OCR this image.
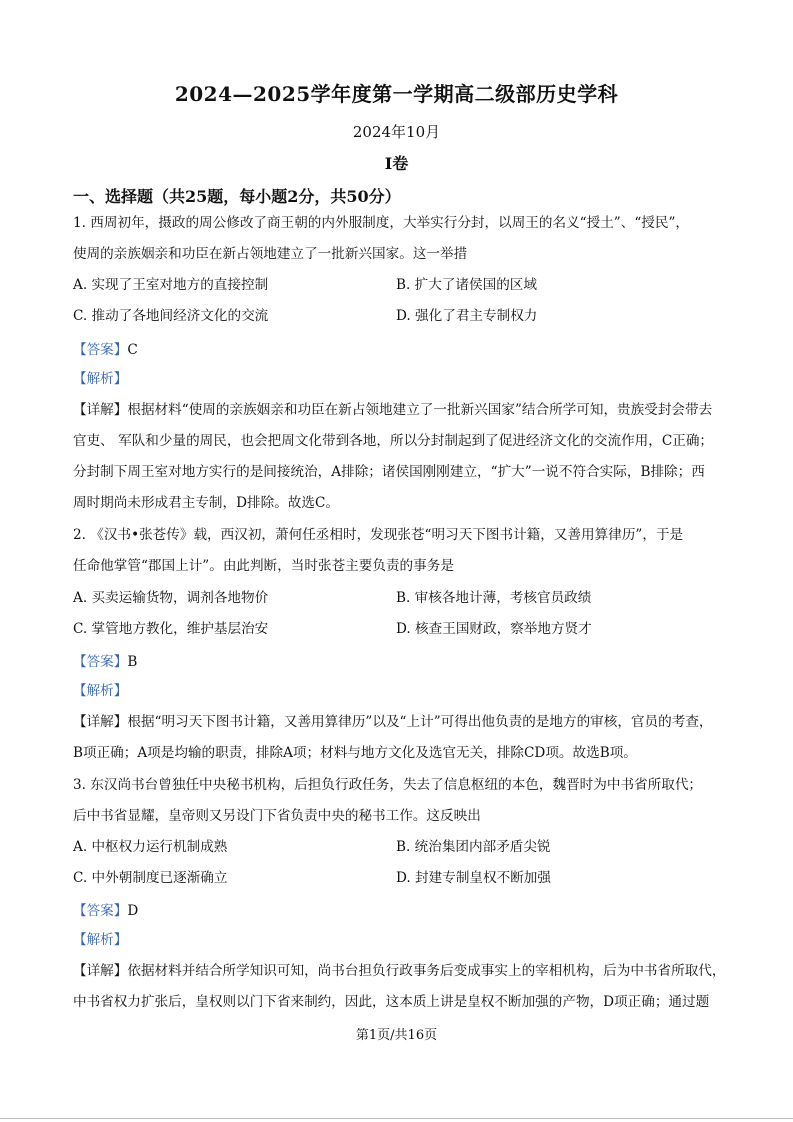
2024—2025学年度第一学期高二级部历史学科
2024年10月
Ⅰ卷
一、选择题（共25题，每小题2分，共50分）
1. 西周初年，摄政的周公修改了商王朝的内外服制度，大举实行分封，以周王的名义“授土”、“授民”，
使周的亲族姻亲和功臣在新占领地建立了一批新兴国家。这一举措
A. 实现了王室对地方的直接控制	B. 扩大了诸侯国的区域
C. 推动了各地间经济文化的交流	D. 强化了君主专制权力
【答案】C
【解析】
【详解】根据材料“使周的亲族姻亲和功臣在新占领地建立了一批新兴国家”结合所学可知，贵族受封会带去
官吏、 军队和少量的周民，也会把周文化带到各地，所以分封制起到了促进经济文化的交流作用，C正确；
分封制下周王室对地方实行的是间接统治，A排除；诸侯国刚刚建立，“扩大”一说不符合实际，B排除；西
周时期尚未形成君主专制，D排除。故选C。
2. 《汉书•张苍传》载，西汉初，萧何任丞相时，发现张苍“明习天下图书计籍，又善用算律历”，于是
任命他掌管“郡国上计”。由此判断，当时张苍主要负责的事务是
A. 买卖运输货物，调剂各地物价	B. 审核各地计薄，考核官员政绩
C. 掌管地方教化，维护基层治安	D. 核查王国财政，察举地方贤才
【答案】B
【解析】
【详解】根据“明习天下图书计籍，又善用算律历”以及“上计”可得出他负责的是地方的审核，官员的考查，
B项正确；A项是均输的职责，排除A项；材料与地方文化及选官无关，排除CD项。故选B项。
3. 东汉尚书台曾独任中央秘书机构，后担负行政任务，失去了信息枢纽的本色，魏晋时为中书省所取代；
后中书省显耀，皇帝则又另设门下省负责中央的秘书工作。这反映出
A. 中枢权力运行机制成熟	B. 统治集团内部矛盾尖锐
C. 中外朝制度已逐渐确立	D. 封建专制皇权不断加强
【答案】D
【解析】
【详解】依据材料并结合所学知识可知，尚书台担负行政事务后变成事实上的宰相机构，后为中书省所取代，
中书省权力扩张后，皇权则以门下省来制约，因此，这本质上讲是皇权不断加强的产物，D项正确；通过题
第1页/共16页
